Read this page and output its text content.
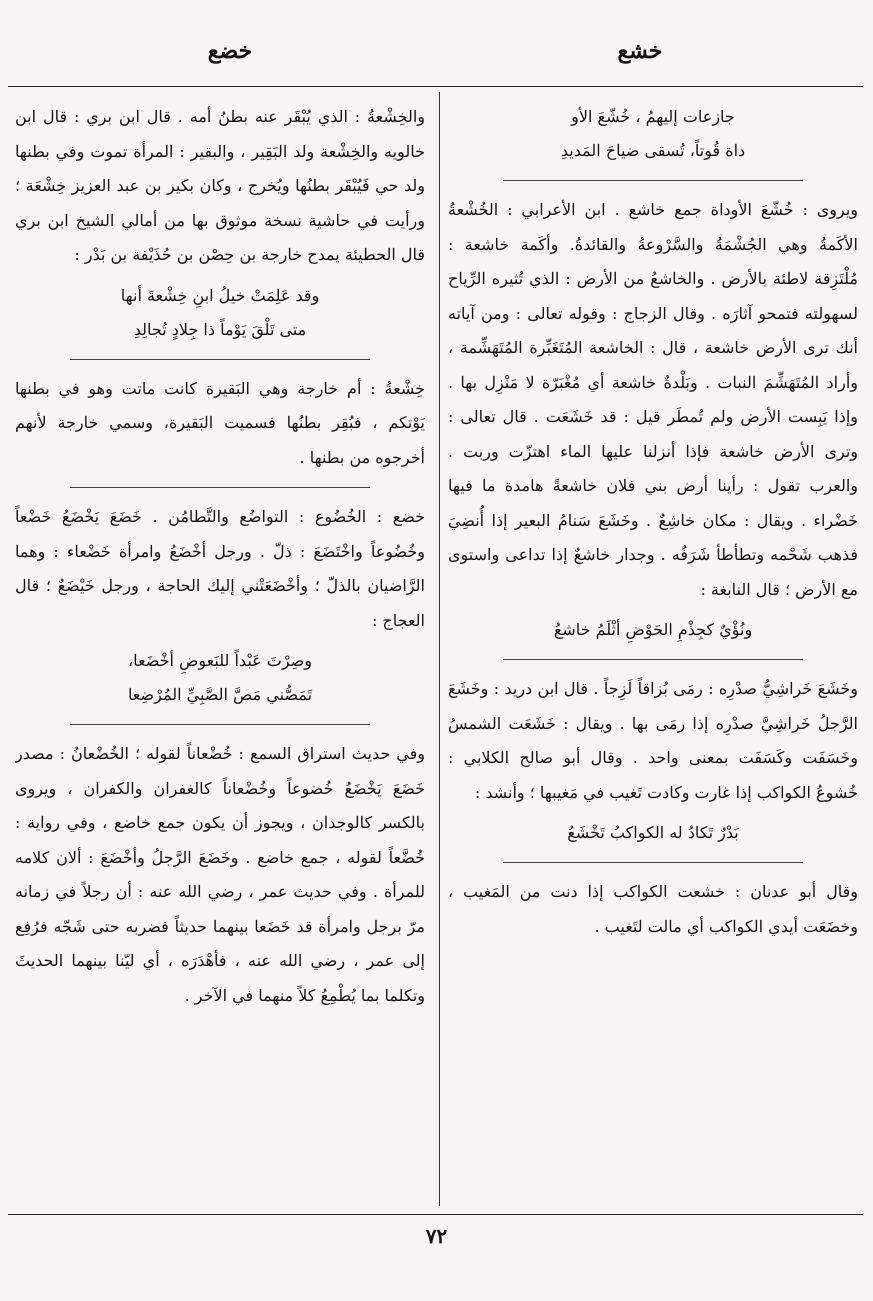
خشع
خضع
جازعات إليهمُ ، خُشّعَ الأو
داة قُوتاً، تُسقى ضياحَ المَديدِ

ويروى : خُشّعَ الأوداة جمع خاشع . ابن الأعرابي : الخُشْعةُ الأكَمةُ وهي الجُشْمَةُ والسَّرْوعةُ والقائدةُ. وأكَمة خاشعة : مُلْتَزِقة لاطئة بالأرض . والخاشعُ من الأرض : الذي تُثيره الرِّياح لسهولته فتمحو آثارَه . وقال الزجاج : وقوله تعالى : ومن آياته أنك ترى الأرض خاشعة ، قال : الخاشعة المُتَغَبِّرة المُتَهَشِّمة ، وأراد المُتَهَشِّمَ النبات . وبَلْدةٌ خاشعة أي مُغْبَرّة لا مَنْزِل بها . وإذا يَبِست الأرض ولم تُمطَر قيل : قد خَشَعَت . قال تعالى : وترى الأرض خاشعة فإذا أنزلنا عليها الماء اهتزّت وربت . والعرب تقول : رأينا أرض بني فلان خاشعةً هامدة ما فيها خَضْراء . ويقال : مكان خاشِعٌ . وخَشَعَ سَنامُ البعير إذا أُنضِيَ فذهب شَحْمه وتطأطأ شَرَفُه . وجدار خاشعٌ إذا تداعى واستوى مع الأرض ؛ قال النابغة :

ونُؤْيٌ كجِذْمِ الحَوْضِ أثْلَمُ خاشعُ

وخَشَعَ خَراشِيُّ صدْرِه : رمَى بُزاقاً لَزِجاً . قال ابن دريد : وخَشَعَ الرَّجلُ خَراشِيَّ صدْرِه إذا رمَى بها . ويقال : خَشَعَت الشمسُ وخَسَفَت وكَسَفَت بمعنى واحد . وقال أبو صالح الكلابي : خُشوعُ الكواكب إذا غارت وكادت تَغيب في مَغيبها ؛ وأنشد :

بَدْرٌ تَكادُ له الكواكبُ تَخْشَعُ

وقال أبو عدنان : خشعت الكواكب إذا دنت من المَغيب ، وخضَعَت أيدي الكواكب أي مالت لتَغيب .

والخِشْعةُ : الذي يُبْقَر عنه بطنُ أمه . قال ابن بري : قال ابن خالويه والخِشْعة ولد البَقِير ، والبقير : المرأة تموت وفي بطنها ولد حي فَيُبْقَر بطنُها ويُخرج ، وكان بكير بن عبد العزيز خِشْعَة ؛ ورأيت في حاشية نسخة موثوق بها من أمالي الشيخ ابن بري قال الحطيئة يمدح خارجة بن حِصْن بن حُذَيْفة بن بَدْر :

وقد عَلِمَتْ خيلُ ابنِ خِشْعةَ أنها
متى تَلْقَ يَوْماً ذا جِلادٍ تُجالِدِ

خِشْعةُ : أم خارجة وهي البَقيرة كانت ماتت وهو في بطنها يَوْتكم ، فبُقِر بطنُها فسميت البَقيرة، وسمي خارجة لأنهم أخرجوه من بطنها .

خضع : الخُضُوع : التواضُع والتَّطامُن . خَضَعَ يَخْضَعُ خَضْعاً وخُضُوعاً واخْتَضَعَ : ذلّ . ورجل أخْضَعُ وامرأة خَضْعاء : وهما الرَّاضيان بالذلّ ؛ وأخْضَعَتْني إليك الحاجة ، ورجل خَيْضَعٌ ؛ قال العجاج :

وصِرْتَ عَبْداً للبَعوضِ أخْضَعا،
تَمَصُّني مَصَّ الصَّبِيِّ المُرْضِعا

وفي حديث استراق السمع : خُضْعاناً لقوله ؛ الخُضْعانُ : مصدر خَضَعَ يَخْضَعُ خُضوعاً وخُضْعاناً كالغفران والكفران ، ويروى بالكسر كالوجدان ، ويجوز أن يكون جمع خاضع ، وفي رواية : خُضَّعاً لقوله ، جمع خاضع . وخَضَعَ الرَّجلُ وأخْضَعَ : ألان كلامه للمرأة . وفي حديث عمر ، رضي الله عنه : أن رجلاً في زمانه مرّ برجل وامرأة قد خَضَعا بينهما حديثاً فضربه حتى شَجّه فرُفِع إلى عمر ، رضي الله عنه ، فأهْدَرَه ، أي ليّنا بينهما الحديثَ وتكلما بما يُطْمِعُ كلاً منهما في الآخر .

٧٢
